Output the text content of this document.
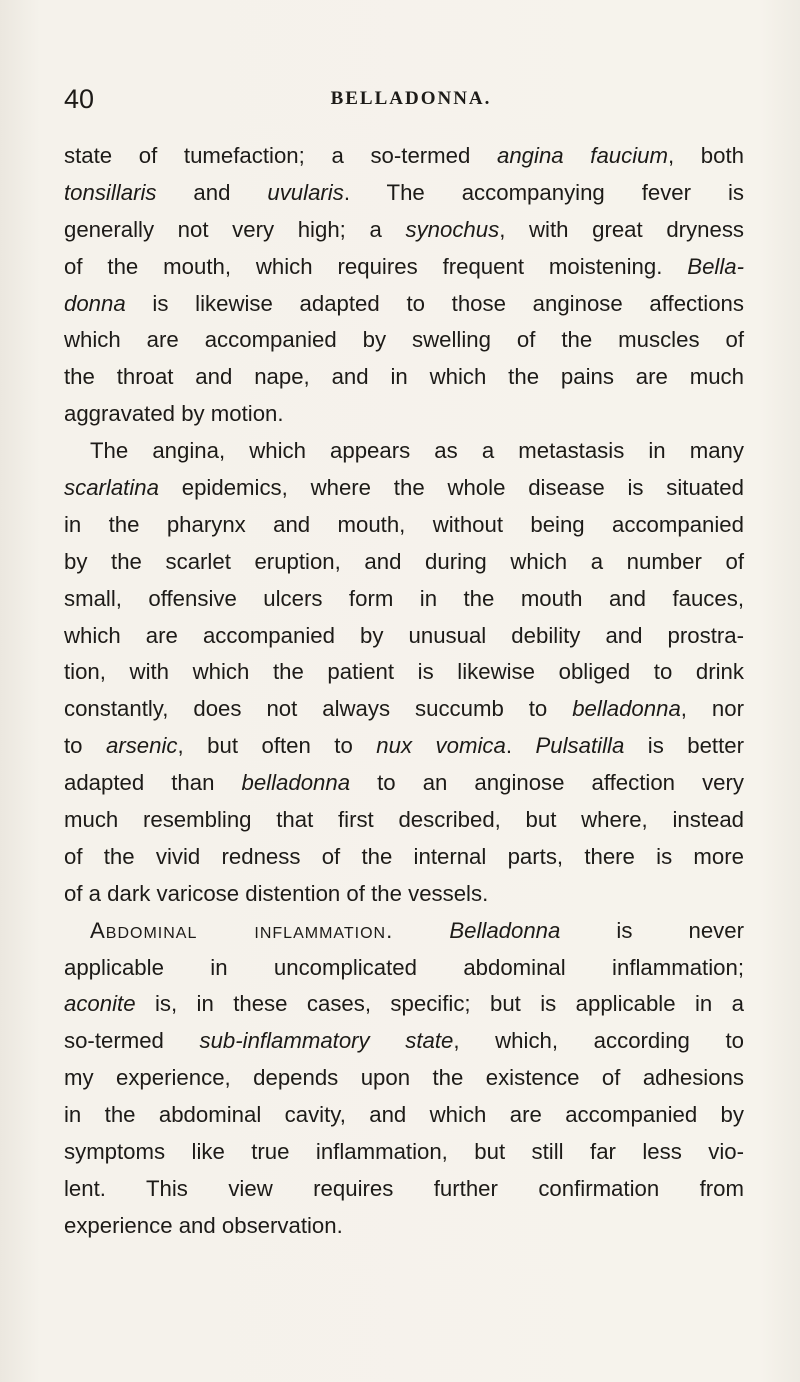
40	BELLADONNA.
state of tumefaction; a so-termed angina faucium, both
tonsillaris and uvularis. The accompanying fever is
generally not very high; a synochus, with great dryness
of the mouth, which requires frequent moistening. Bella-
donna is likewise adapted to those anginose affections
which are accompanied by swelling of the muscles of
the throat and nape, and in which the pains are much
aggravated by motion.
The angina, which appears as a metastasis in many
scarlatina epidemics, where the whole disease is situated
in the pharynx and mouth, without being accompanied
by the scarlet eruption, and during which a number of
small, offensive ulcers form in the mouth and fauces,
which are accompanied by unusual debility and prostra-
tion, with which the patient is likewise obliged to drink
constantly, does not always succumb to belladonna, nor
to arsenic, but often to nux vomica. Pulsatilla is better
adapted than belladonna to an anginose affection very
much resembling that first described, but where, instead
of the vivid redness of the internal parts, there is more
of a dark varicose distention of the vessels.
Abdominal inflammation.	Belladonna is never
applicable in uncomplicated abdominal inflammation;
aconite is, in these cases, specific; but is applicable in a
so-termed sub-inflammatory state, which, according to
my experience, depends upon the existence of adhesions
in the abdominal cavity, and which are accompanied by
symptoms like true inflammation, but still far less vio-
lent. This view requires further confirmation from
experience and observation.
